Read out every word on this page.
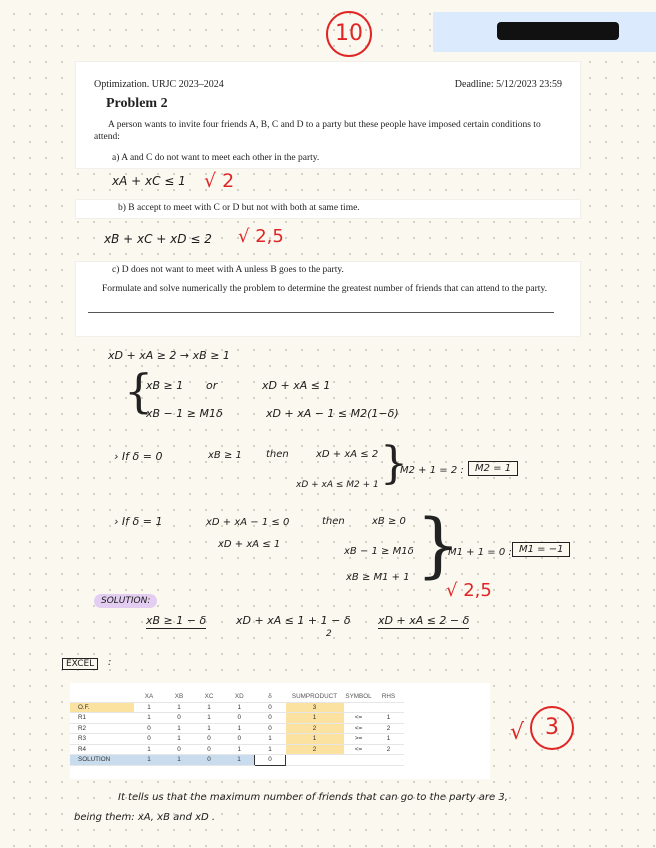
10
Optimization. URJC 2023–2024	Deadline: 5/12/2023 23:59
Problem 2
A person wants to invite four friends A, B, C and D to a party but these people have imposed certain conditions to attend:
a) A and C do not want to meet each other in the party.
xA + xC ≤ 1 √ 2
b) B accept to meet with C or D but not with both at same time.
xB + xC + xD ≤ 2 √ 2,5
c) D does not want to meet with A unless B goes to the party.
Formulate and solve numerically the problem to determine the greatest number of friends that can attend to the party.
xD + xA ≥ 2 → xB ≥ 1
{
xB ≥ 1 or	xD + xA ≤ 1
xB − 1 ≥ M1δ	xD + xA − 1 ≤ M2(1−δ)
› If δ = 0	xB ≥ 1 then	xD + xA ≤ 2
xD + xA ≤ M2 + 1 }
M2 + 1 = 2 :	M2 = 1
› If δ = 1	xD + xA − 1 ≤ 0
xD + xA ≤ 1
then	xB ≥ 0
xB − 1 ≥ M1δ
xB ≥ M1 + 1 }
M1 + 1 = 0 : M1 = −1
√ 2,5
SOLUTION:
xB ≥ 1 − δ	xD + xA ≤ 1 + 1 − δ
2
xD + xA ≤ 2 − δ
EXCEL	:
	XA	XB	XC	XD	δ	SUMPRODUCT	SYMBOL	RHS
O.F.	1	1	1	1	0	3		
R1	1	0	1	0	0	1	<=	1
R2	0	1	1	1	0	2	<=	2
R3	0	1	0	0	1	1	>=	1
R4	1	0	0	1	1	2	<=	2
SOLUTION	1	1	0	1	0			
√ 3
It tells us that the maximum number of friends that can go to the party are 3,
being them: xA, xB and xD .
